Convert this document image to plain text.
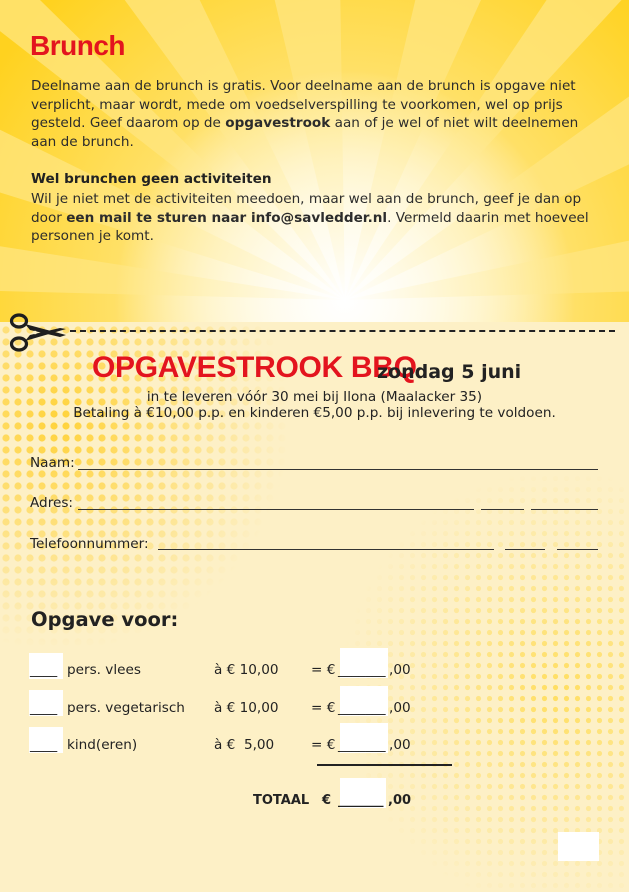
Brunch
Deelname aan de brunch is gratis. Voor deelname aan de brunch is opgave niet
verplicht, maar wordt, mede om voedselverspilling te voorkomen, wel op prijs
gesteld. Geef daarom op de opgavestrook aan of je wel of niet wilt deelnemen
aan de brunch.
Wel brunchen geen activiteiten
Wil je niet met de activiteiten meedoen, maar wel aan de brunch, geef je dan op
door een mail te sturen naar info@savledder.nl. Vermeld daarin met hoeveel
personen je komt.
OPGAVESTROOK BBQ
zondag 5 juni
in te leveren vóór 30 mei bij Ilona (Maalacker 35)
Betaling à €10,00 p.p. en kinderen €5,00 p.p. bij inlevering te voldoen.
Naam:
Adres:
Telefoonnummer:
Opgave voor:
____ pers. vlees	à € 10,00 = € _______ ,00
____ pers. vegetarisch à € 10,00 = € _______ ,00
____ kind(eren)	à €  5,00	= € _______ ,00
TOTAAL € _______ ,00
